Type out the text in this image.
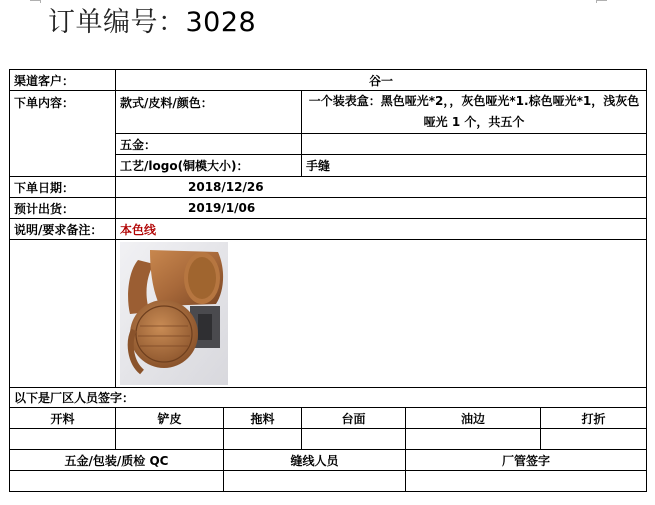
订单编号：3028
渠道客户：	谷一				
下单内容：	款式/皮料/颜色：		一个装表盒：黑色哑光*2，，灰色哑光*1.棕色哑光*1，浅灰色哑光 1 个，共五个		
	五金：				
	工艺/logo(铜模大小)：		手缝		
下单日期：	2018/12/26				
预计出货：	2019/1/06				
说明/要求备注：	本色线				

以下是厂区人员签字：					
开料	铲皮	拖料	台面	油边	打折

五金/包装/质检 QC		缝线人员		厂管签字	
